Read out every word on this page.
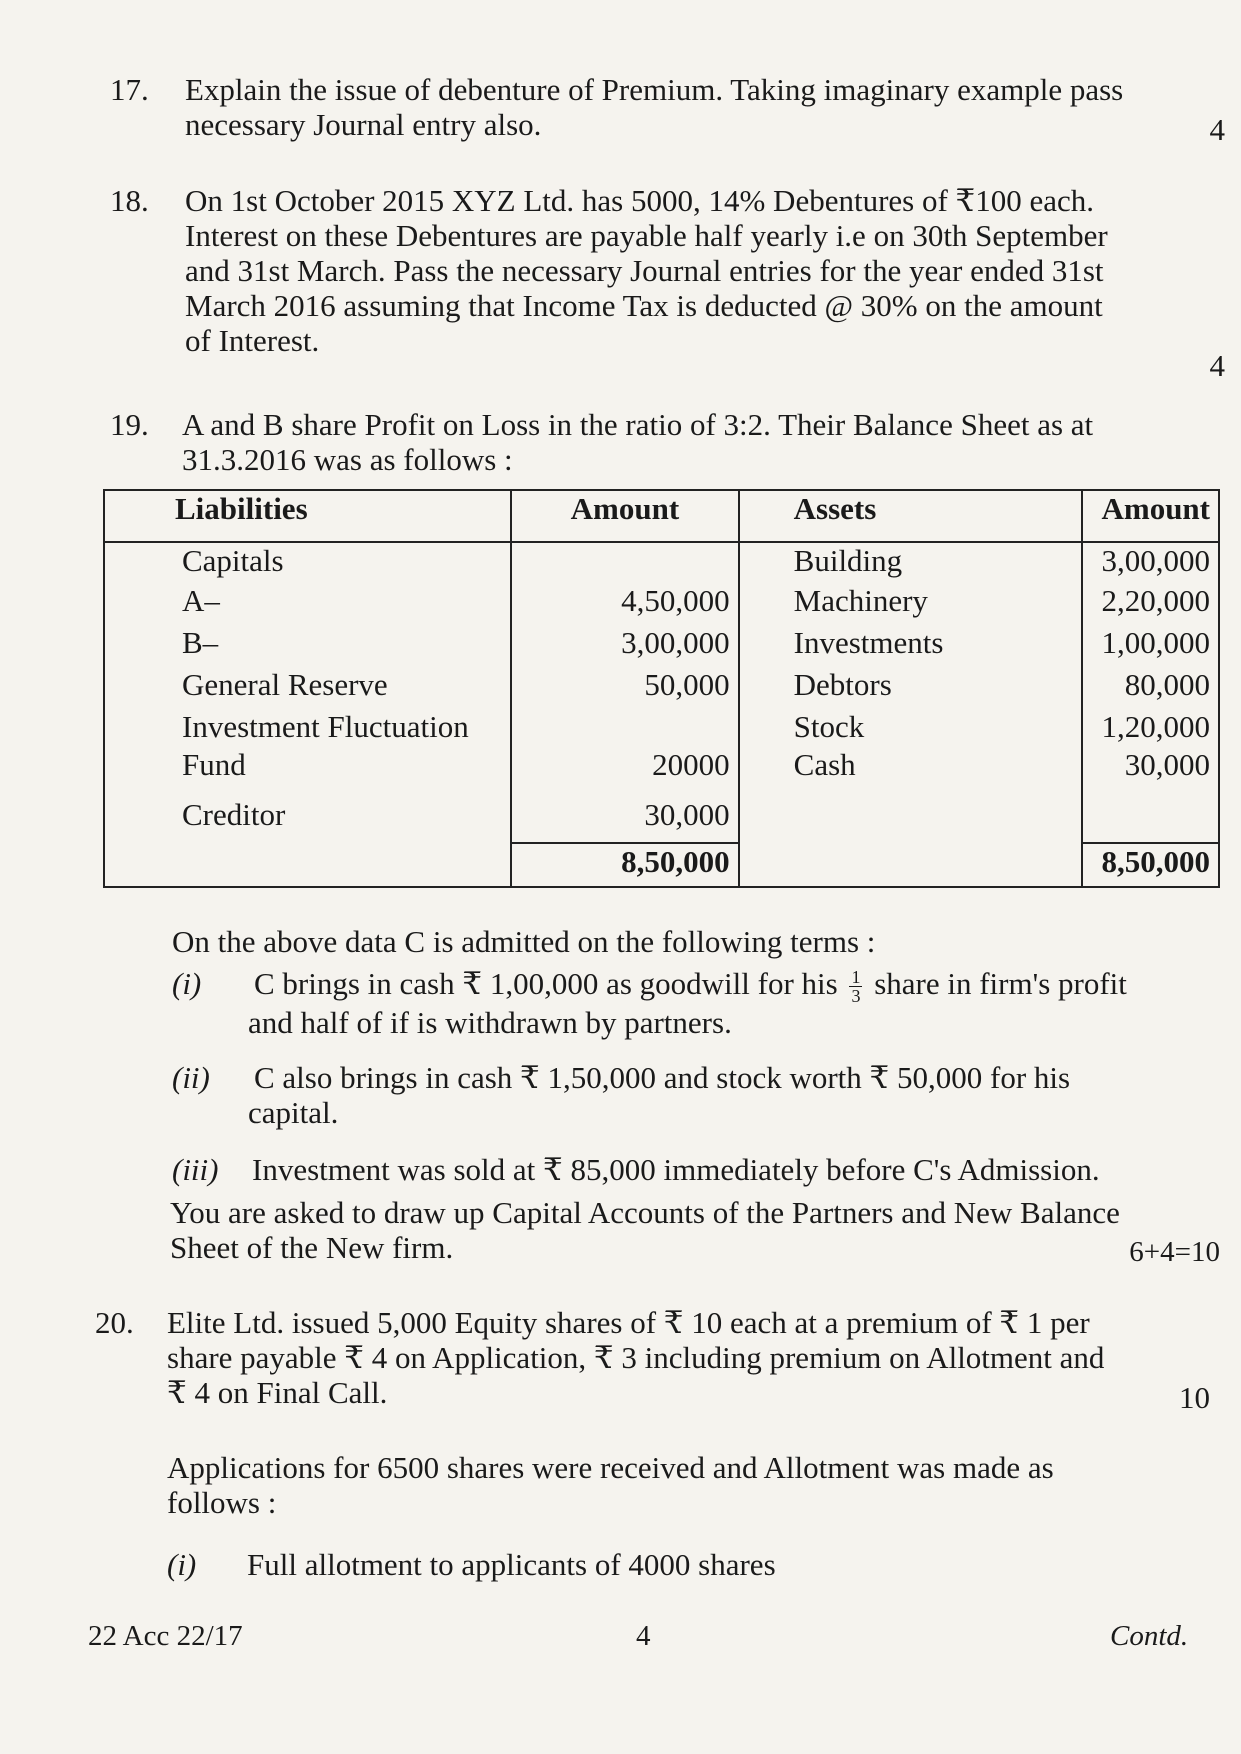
17. Explain the issue of debenture of Premium. Taking imaginary example pass
necessary Journal entry also.	4
18. On 1st October 2015 XYZ Ltd. has 5000, 14% Debentures of ₹100 each.
Interest on these Debentures are payable half yearly i.e on 30th September
and 31st March. Pass the necessary Journal entries for the year ended 31st
March 2016 assuming that Income Tax is deducted @ 30% on the amount
of Interest.
4
19. A and B share Profit on Loss in the ratio of 3:2. Their Balance Sheet as at
31.3.2016 was as follows :
Liabilities	Amount	Assets	Amount
Capitals		Building	3,00,000
A–	4,50,000	Machinery	2,20,000
B–	3,00,000	Investments	1,00,000
General Reserve	50,000	Debtors	80,000
Investment Fluctuation		Stock	1,20,000
Fund	20000	Cash	30,000
Creditor	30,000		
	8,50,000		8,50,000
On the above data C is admitted on the following terms :
(i) C brings in cash ₹ 1,00,000 as goodwill for his $\frac{1}{3}$ share in firm's profit
and half of if is withdrawn by partners.
(ii) C also brings in cash ₹ 1,50,000 and stock worth ₹ 50,000 for his
capital.
(iii) Investment was sold at ₹ 85,000 immediately before C's Admission.
You are asked to draw up Capital Accounts of the Partners and New Balance
Sheet of the New firm.	6+4=10
20. Elite Ltd. issued 5,000 Equity shares of ₹ 10 each at a premium of ₹ 1 per
share payable ₹ 4 on Application, ₹ 3 including premium on Allotment and
₹ 4 on Final Call.	10
Applications for 6500 shares were received and Allotment was made as
follows :
(i) Full allotment to applicants of 4000 shares
22 Acc 22/17	4	Contd.
